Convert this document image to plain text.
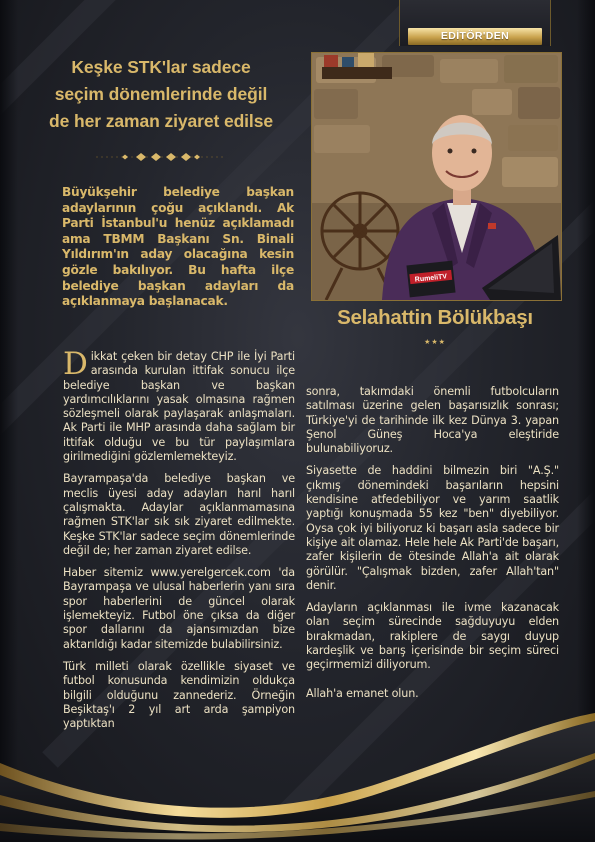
EDİTÖR'DEN
Keşke STK'lar sadece
seçim dönemlerinde değil
de her zaman ziyaret edilse
Büyükşehir belediye başkan adaylarının çoğu açıklandı. Ak Parti İstanbul'u henüz açıklamadı ama TBMM Başkanı Sn. Binali Yıldırım'ın aday olacağına kesin gözle bakılıyor. Bu hafta ilçe belediye başkan adayları da açıklanmaya başlanacak.
RumeliTV
Selahattin Bölükbaşı
★★★

Dikkat çeken bir detay CHP ile İyi Parti arasında kurulan ittifak sonucu ilçe belediye başkan ve başkan yardımcılıklarını yasak olmasına rağmen sözleşmeli olarak paylaşarak anlaşmaları. Ak Parti ile MHP arasında daha sağlam bir ittifak olduğu ve bu tür paylaşımlara girilmediğini gözlemlemekteyiz.

Bayrampaşa'da belediye başkan ve meclis üyesi aday adayları harıl harıl çalışmakta. Adaylar açıklanmamasına rağmen STK'lar sık sık ziyaret edilmekte. Keşke STK'lar sadece seçim dönemlerinde değil de; her zaman ziyaret edilse.

Haber sitemiz www.yerelgercek.com 'da Bayrampaşa ve ulusal haberlerin yanı sıra spor haberlerini de güncel olarak işlemekteyiz. Futbol öne çıksa da diğer spor dallarını da ajansımızdan bize aktarıldığı kadar sitemizde bulabilirsiniz.

Türk milleti olarak özellikle siyaset ve futbol konusunda kendimizin oldukça bilgili olduğunu zannederiz. Örneğin Beşiktaş'ı 2 yıl art arda şampiyon yaptıktan

sonra, takımdaki önemli futbolcuların satılması üzerine gelen başarısızlık sonrası; Türkiye'yi de tarihinde ilk kez Dünya 3. yapan Şenol Güneş Hoca'ya eleştiride bulunabiliyoruz.

Siyasette de haddini bilmezin biri "A.Ş." çıkmış dönemindeki başarıların hepsini kendisine atfedebiliyor ve yarım saatlik yaptığı konuşmada 55 kez "ben" diyebiliyor. Oysa çok iyi biliyoruz ki başarı asla sadece bir kişiye ait olamaz. Hele hele Ak Parti'de başarı, zafer kişilerin de ötesinde Allah'a ait olarak görülür. "Çalışmak bizden, zafer Allah'tan" denir.

Adayların açıklanması ile ivme kazanacak olan seçim sürecinde sağduyuyu elden bırakmadan, rakiplere de saygı duyup kardeşlik ve barış içerisinde bir seçim süreci geçirmemizi diliyorum.

Allah'a emanet olun.
